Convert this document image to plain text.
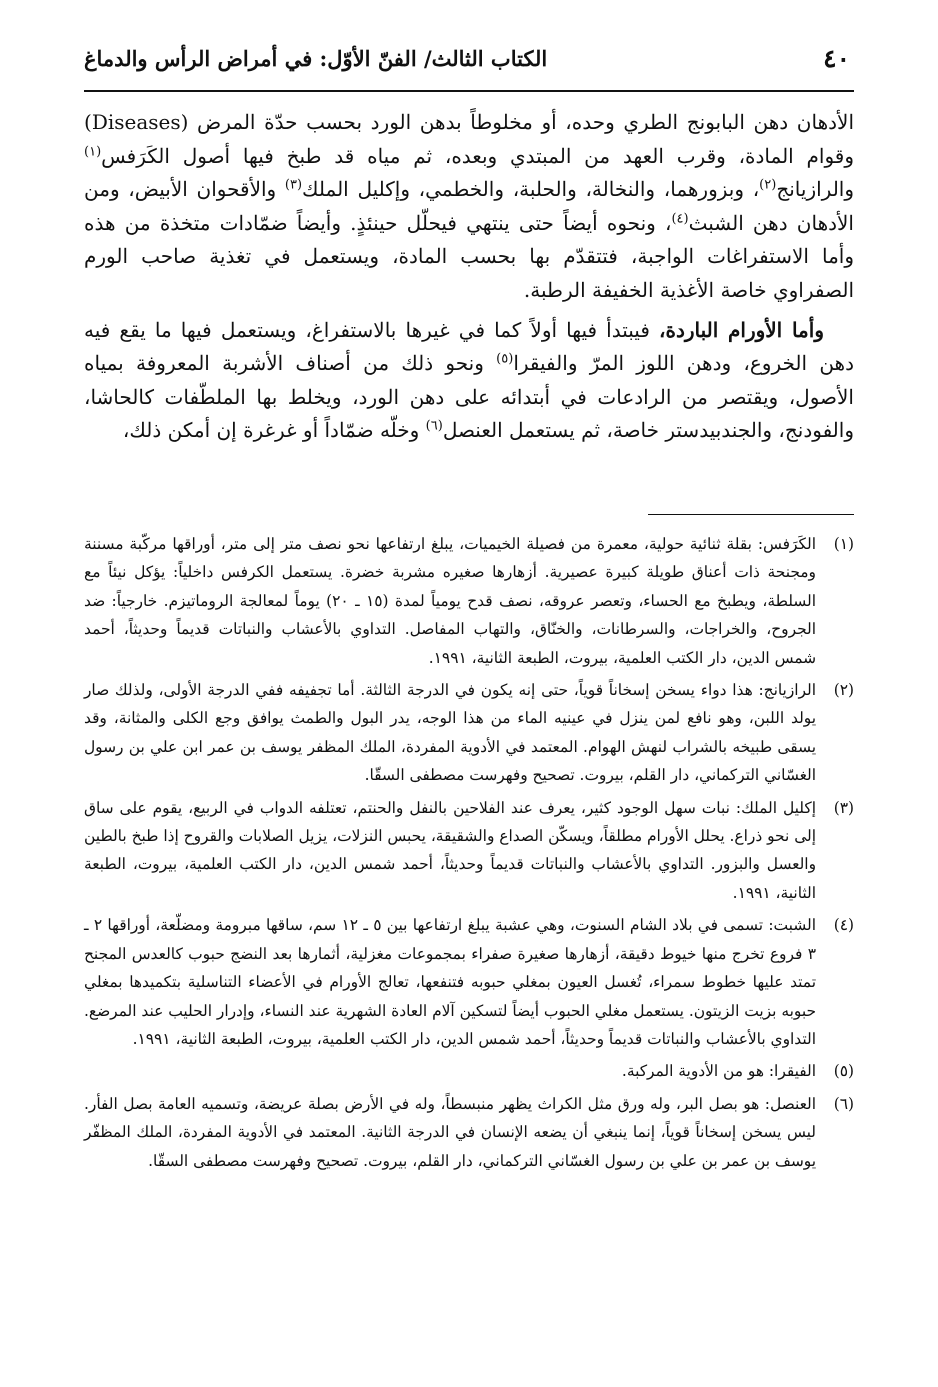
٤٠
الكتاب الثالث/ الفنّ الأوّل: في أمراض الرأس والدماغ

الأدهان دهن البابونج الطري وحده، أو مخلوطاً بدهن الورد بحسب حدّة المرض (Diseases) وقوام المادة، وقرب العهد من المبتدي وبعده، ثم مياه قد طبخ فيها أصول الكَرَفس$^{(١)}$ والرازيانج$^{(٢)}$، وبزورهما، والنخالة، والحلبة، والخطمي، وإكليل الملك$^{(٣)}$ والأقحوان الأبيض، ومن الأدهان دهن الشبث$^{(٤)}$، ونحوه أيضاً حتى ينتهي فيحلّل حينئذٍ. وأيضاً ضمّادات متخذة من هذه وأما الاستفراغات الواجبة، فتتقدّم بها بحسب المادة، ويستعمل في تغذية صاحب الورم الصفراوي خاصة الأغذية الخفيفة الرطبة.

وأما الأورام الباردة، فيبتدأ فيها أولاً كما في غيرها بالاستفراغ، ويستعمل فيها ما يقع فيه دهن الخروع، ودهن اللوز المرّ والفيقرا$^{(٥)}$ ونحو ذلك من أصناف الأشربة المعروفة بمياه الأصول، ويقتصر من الرادعات في أبتدائه على دهن الورد، ويخلط بها الملطّفات كالحاشا، والفودنج، والجندبيدستر خاصة، ثم يستعمل العنصل$^{(٦)}$ وخلّه ضمّاداً أو غرغرة إن أمكن ذلك،

(١)
الكَرَفس: بقلة ثنائية حولية، معمرة من فصيلة الخيميات، يبلغ ارتفاعها نحو نصف متر إلى متر، أوراقها مركّبة مسننة ومجنحة ذات أعناق طويلة كبيرة عصيرية. أزهارها صغيره مشربة خضرة. يستعمل الكرفس داخلياً: يؤكل نيئاً مع السلطة، ويطبخ مع الحساء، وتعصر عروقه، نصف قدح يومياً لمدة (١٥ ـ ٢٠) يوماً لمعالجة الروماتيزم. خارجياً: ضد الجروح، والخراجات، والسرطانات، والخنّاق، والتهاب المفاصل. التداوي بالأعشاب والنباتات قديماً وحديثاً، أحمد شمس الدين، دار الكتب العلمية، بيروت، الطبعة الثانية، ١٩٩١.
(٢)
الرازيانج: هذا دواء يسخن إسخاناً قوياً، حتى إنه يكون في الدرجة الثالثة. أما تجفيفه ففي الدرجة الأولى، ولذلك صار يولد اللبن، وهو نافع لمن ينزل في عينيه الماء من هذا الوجه، يدر البول والطمث يوافق وجع الكلى والمثانة، وقد يسقى طبيخه بالشراب لنهش الهوام. المعتمد في الأدوية المفردة، الملك المظفر يوسف بن عمر ابن علي بن رسول الغسّاني التركماني، دار القلم، بيروت. تصحيح وفهرست مصطفى السقّا.
(٣)
إكليل الملك: نبات سهل الوجود كثير، يعرف عند الفلاحين بالنفل والحنتم، تعتلفه الدواب في الربيع، يقوم على ساق إلى نحو ذراع. يحلل الأورام مطلقاً، ويسكّن الصداع والشقيقة، يحبس النزلات، يزيل الصلابات والقروح إذا طبخ بالطين والعسل والبزور. التداوي بالأعشاب والنباتات قديماً وحديثاً، أحمد شمس الدين، دار الكتب العلمية، بيروت، الطبعة الثانية، ١٩٩١.
(٤)
الشبت: تسمى في بلاد الشام السنوت، وهي عشبة يبلغ ارتفاعها بين ٥ ـ ١٢ سم، ساقها مبرومة ومضلّعة، أوراقها ٢ ـ ٣ فروع تخرج منها خيوط دقيقة، أزهارها صغيرة صفراء بمجموعات مغزلية، أثمارها بعد النضج حبوب كالعدس المجنح تمتد عليها خطوط سمراء، تُغسل العيون بمغلي حبوبه فتنفعها، تعالج الأورام في الأعضاء التناسلية بتكميدها بمغلي حبوبه بزيت الزيتون. يستعمل مغلي الحبوب أيضاً لتسكين آلام العادة الشهرية عند النساء، وإدرار الحليب عند المرضع. التداوي بالأعشاب والنباتات قديماً وحديثاً، أحمد شمس الدين، دار الكتب العلمية، بيروت، الطبعة الثانية، ١٩٩١.
(٥)
الفيقرا: هو من الأدوية المركبة.
(٦)
العنصل: هو بصل البر، وله ورق مثل الكراث يظهر منبسطاً، وله في الأرض بصلة عريضة، وتسميه العامة بصل الفأر. ليس يسخن إسخاناً قوياً، إنما ينبغي أن يضعه الإنسان في الدرجة الثانية. المعتمد في الأدوية المفردة، الملك المظفّر يوسف بن عمر بن علي بن رسول الغسّاني التركماني، دار القلم، بيروت. تصحيح وفهرست مصطفى السقّا.
